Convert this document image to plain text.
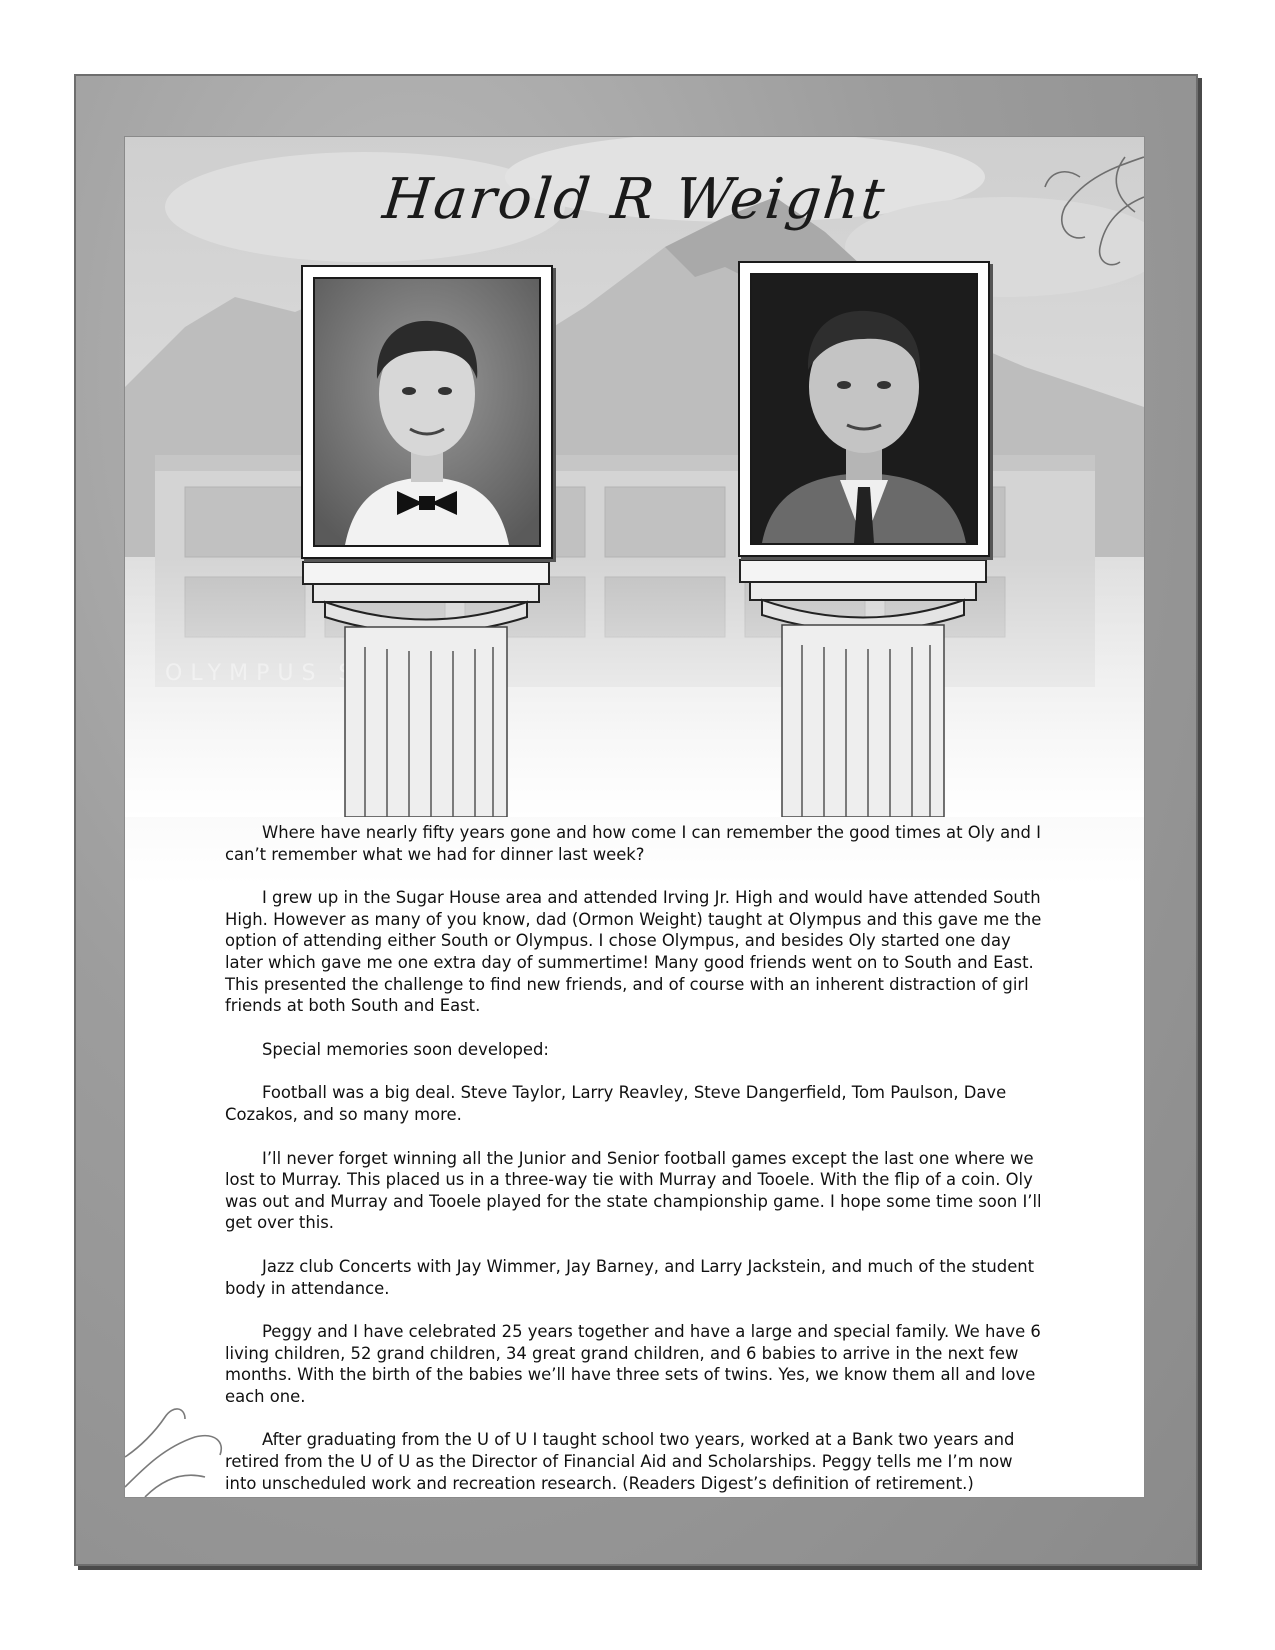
Harold R Weight

Where have nearly fifty years gone and how come I can remember the good times at Oly and I can’t remember what we had for dinner last week?

I grew up in the Sugar House area and attended Irving Jr. High and would have attended South High. However as many of you know, dad (Ormon Weight) taught at Olympus and this gave me the option of attending either South or Olympus. I chose Olympus, and besides Oly started one day later which gave me one extra day of summertime! Many good friends went on to South and East. This presented the challenge to find new friends, and of course with an inherent distraction of girl friends at both South and East.

Special memories soon developed:

Football was a big deal. Steve Taylor, Larry Reavley, Steve Dangerfield, Tom Paulson, Dave Cozakos, and so many more.

I’ll never forget winning all the Junior and Senior football games except the last one where we lost to Murray. This placed us in a three-way tie with Murray and Tooele. With the flip of a coin. Oly was out and Murray and Tooele played for the state championship game. I hope some time soon I’ll get over this.

Jazz club Concerts with Jay Wimmer, Jay Barney, and Larry Jackstein, and much of the student body in attendance.

Peggy and I have celebrated 25 years together and have a large and special family. We have 6 living children, 52 grand children, 34 great grand children, and 6 babies to arrive in the next few months. With the birth of the babies we’ll have three sets of twins. Yes, we know them all and love each one.

After graduating from the U of U I taught school two years, worked at a Bank two years and retired from the U of U as the Director of Financial Aid and Scholarships. Peggy tells me I’m now into unscheduled work and recreation research. (Readers Digest’s definition of retirement.)
